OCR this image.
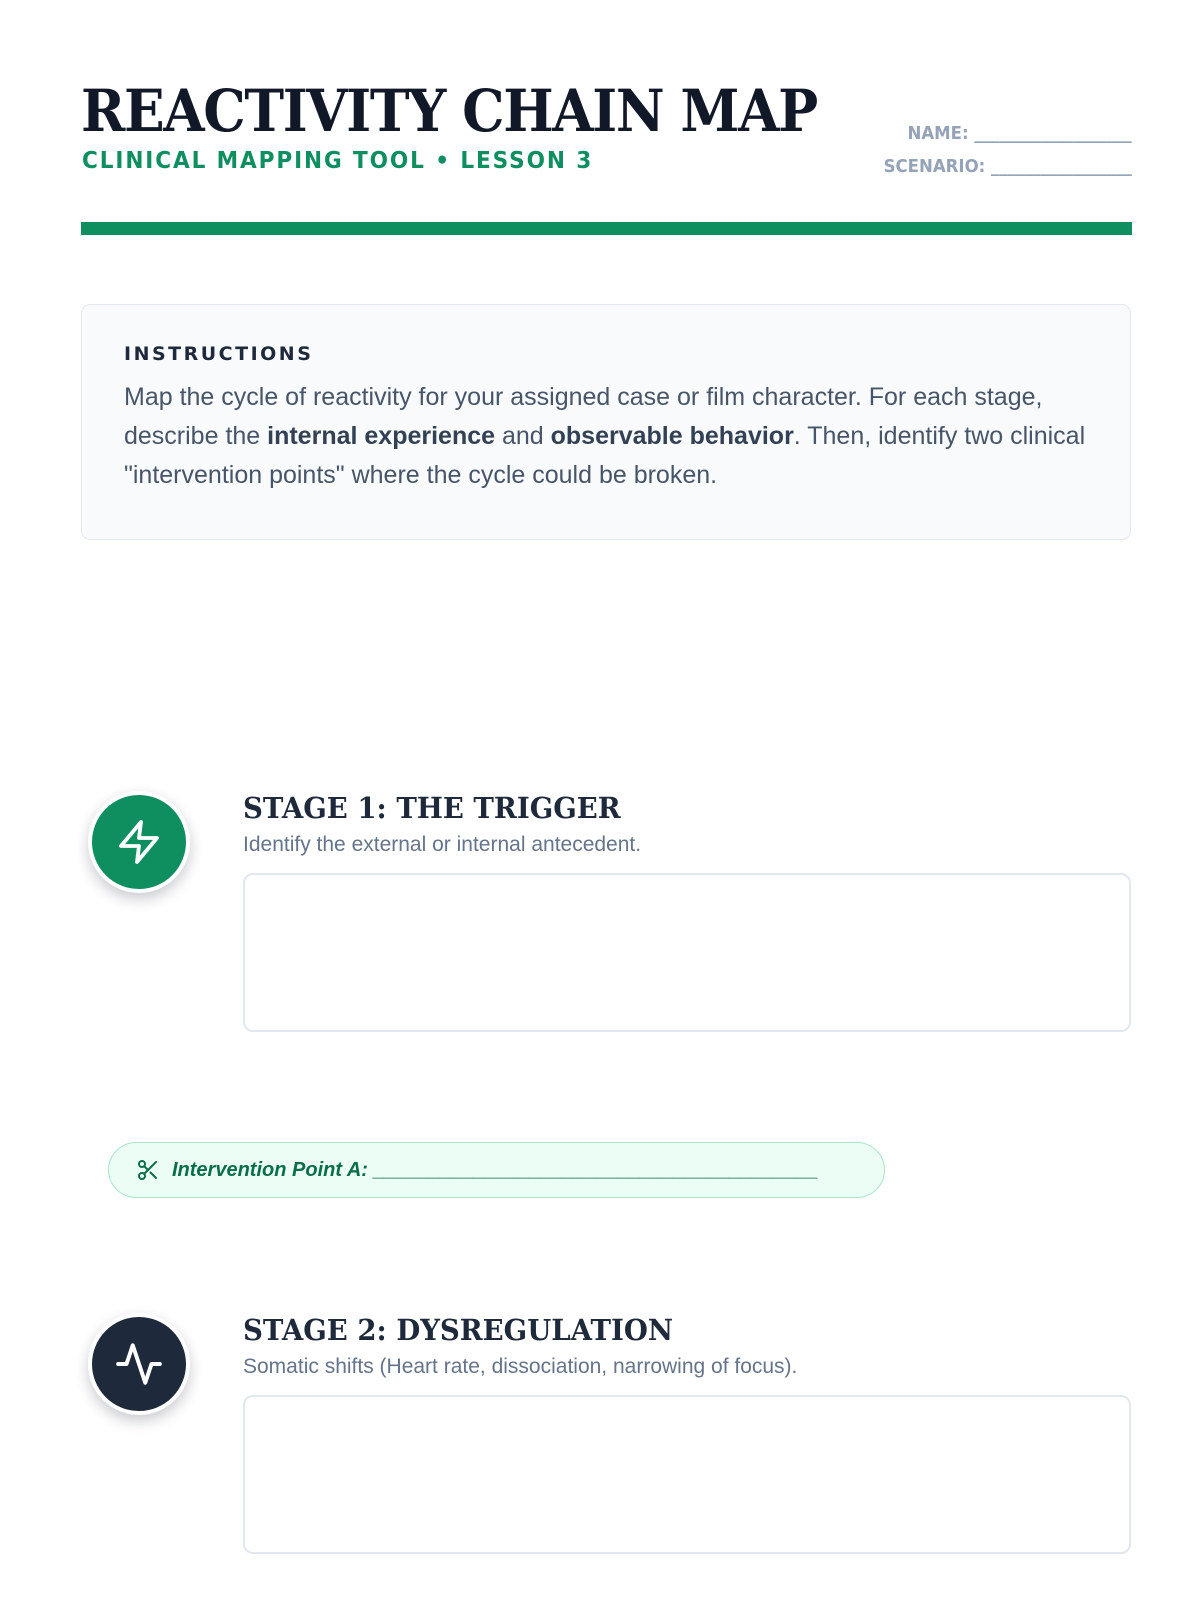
REACTIVITY CHAIN MAP
CLINICAL MAPPING TOOL • LESSON 3
NAME: ___________________
SCENARIO: _________________
INSTRUCTIONS

Map the cycle of reactivity for your assigned case or film character. For each stage, describe the internal experience and observable behavior. Then, identify two clinical "intervention points" where the cycle could be broken.

STAGE 1: THE TRIGGER
Identify the external or internal antecedent.
Intervention Point A: ________________________________________
STAGE 2: DYSREGULATION
Somatic shifts (Heart rate, dissociation, narrowing of focus).
